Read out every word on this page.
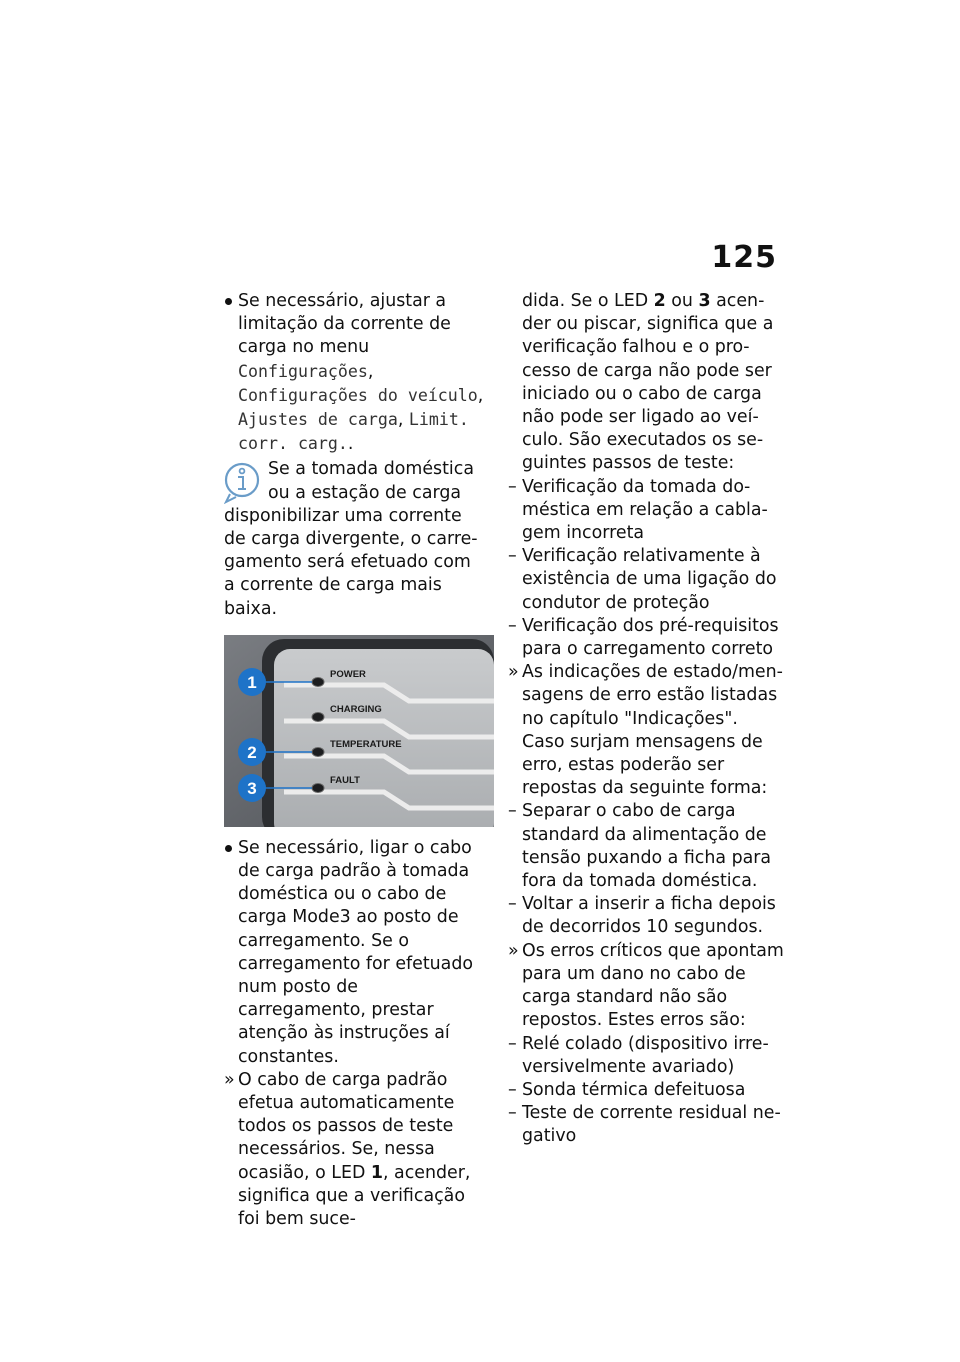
125
Se necessário, ajustar a limitação da corrente de carga no menu Configurações, Configurações do veículo, Ajustes de carga, Limit. corr. carg..
Se a tomada doméstica ou a estação de carga disponibilizar uma corrente de carga divergente, o carregamento será efetuado com a corrente de carga mais baixa.
POWER
CHARGING
TEMPERATURE
FAULT
1
2
3
Se necessário, ligar o cabo de carga padrão à tomada doméstica ou o cabo de carga Mode3 ao posto de carregamento. Se o carregamento for efetuado num posto de carregamento, prestar atenção às instruções aí constantes.
» O cabo de carga padrão efetua automaticamente todos os passos de teste necessários. Se, nessa ocasião, o LED 1, acender, significa que a verificação foi bem suce-
dida. Se o LED 2 ou 3 acender ou piscar, significa que a verificação falhou e o processo de carga não pode ser iniciado ou o cabo de carga não pode ser ligado ao veículo. São executados os seguintes passos de teste:
– Verificação da tomada doméstica em relação a cablagem incorreta
– Verificação relativamente à existência de uma ligação do condutor de proteção
– Verificação dos pré-requisitos para o carregamento correto
» As indicações de estado/mensagens de erro estão listadas no capítulo "Indicações". Caso surjam mensagens de erro, estas poderão ser repostas da seguinte forma:
– Separar o cabo de carga standard da alimentação de tensão puxando a ficha para fora da tomada doméstica.
– Voltar a inserir a ficha depois de decorridos 10 segundos.
» Os erros críticos que apontam para um dano no cabo de carga standard não são repostos. Estes erros são:
– Relé colado (dispositivo irreversivelmente avariado)
– Sonda térmica defeituosa
– Teste de corrente residual negativo
